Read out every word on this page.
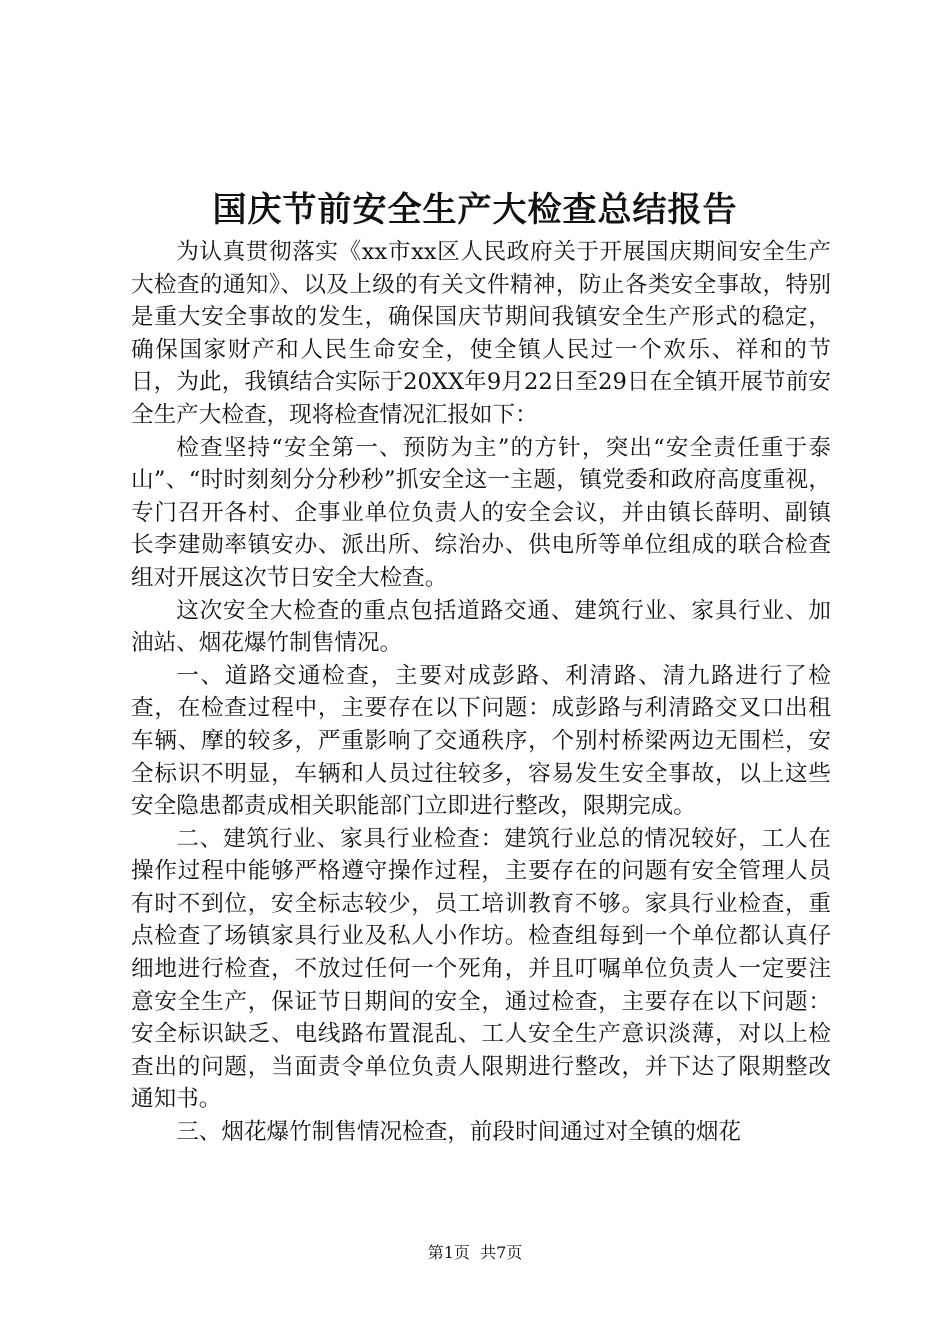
国庆节前安全生产大检查总结报告

为认真贯彻落实《xx市xx区人民政府关于开展国庆期间安全生产大检查的通知》、以及上级的有关文件精神，防止各类安全事故，特别是重大安全事故的发生，确保国庆节期间我镇安全生产形式的稳定，确保国家财产和人民生命安全，使全镇人民过一个欢乐、祥和的节日，为此，我镇结合实际于20XX年9月22日至29日在全镇开展节前安全生产大检查，现将检查情况汇报如下：

检查坚持“安全第一、预防为主”的方针，突出“安全责任重于泰山”、“时时刻刻分分秒秒”抓安全这一主题，镇党委和政府高度重视，专门召开各村、企事业单位负责人的安全会议，并由镇长薛明、副镇长李建勋率镇安办、派出所、综治办、供电所等单位组成的联合检查组对开展这次节日安全大检查。

这次安全大检查的重点包括道路交通、建筑行业、家具行业、加油站、烟花爆竹制售情况。

一、道路交通检查，主要对成彭路、利清路、清九路进行了检查，在检查过程中，主要存在以下问题：成彭路与利清路交叉口出租车辆、摩的较多，严重影响了交通秩序，个别村桥梁两边无围栏，安全标识不明显，车辆和人员过往较多，容易发生安全事故，以上这些安全隐患都责成相关职能部门立即进行整改，限期完成。

二、建筑行业、家具行业检查：建筑行业总的情况较好，工人在操作过程中能够严格遵守操作过程，主要存在的问题有安全管理人员有时不到位，安全标志较少，员工培训教育不够。家具行业检查，重点检查了场镇家具行业及私人小作坊。检查组每到一个单位都认真仔细地进行检查，不放过任何一个死角，并且叮嘱单位负责人一定要注意安全生产，保证节日期间的安全，通过检查，主要存在以下问题：安全标识缺乏、电线路布置混乱、工人安全生产意识淡薄，对以上检查出的问题，当面责令单位负责人限期进行整改，并下达了限期整改通知书。

三、烟花爆竹制售情况检查，前段时间通过对全镇的烟花

第1页  共7页
